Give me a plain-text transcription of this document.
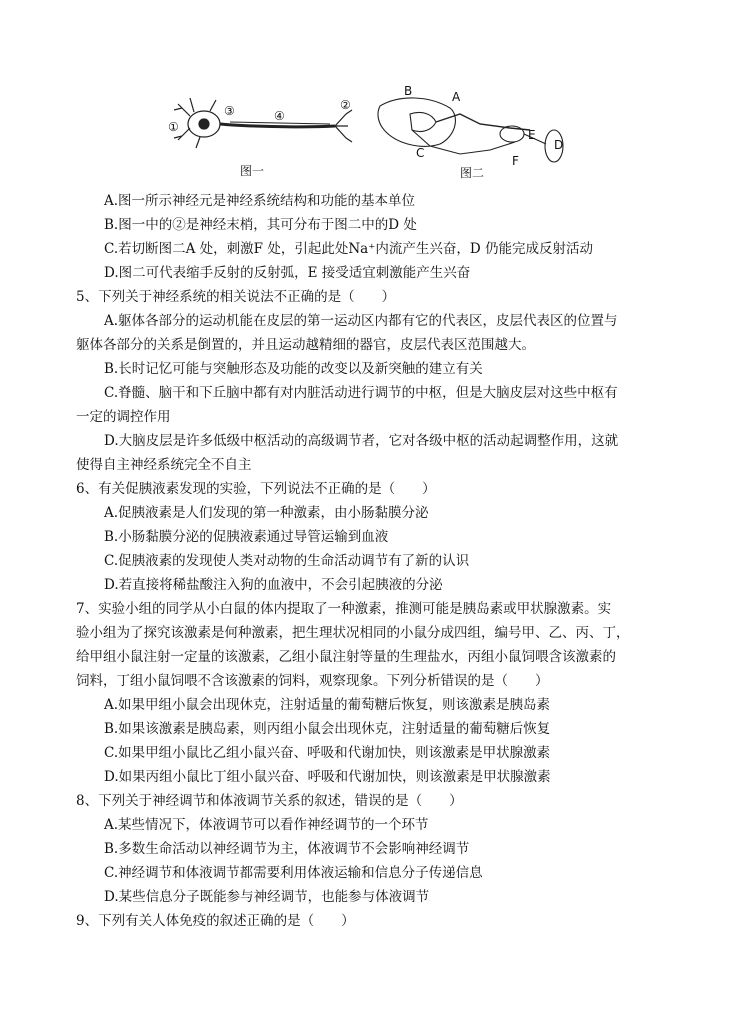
①
③	④
②
图一
B	A
C
E
F
D
图二
A.图一所示神经元是神经系统结构和功能的基本单位
B.图一中的②是神经末梢，其可分布于图二中的D 处
C.若切断图二A 处，刺激F 处，引起此处Na⁺内流产生兴奋，D 仍能完成反射活动
D.图二可代表缩手反射的反射弧，E 接受适宜刺激能产生兴奋
5、下列关于神经系统的相关说法不正确的是（　　）
A.躯体各部分的运动机能在皮层的第一运动区内都有它的代表区，皮层代表区的位置与
躯体各部分的关系是倒置的，并且运动越精细的器官，皮层代表区范围越大。
B.长时记忆可能与突触形态及功能的改变以及新突触的建立有关
C.脊髓、脑干和下丘脑中都有对内脏活动进行调节的中枢，但是大脑皮层对这些中枢有
一定的调控作用
D.大脑皮层是许多低级中枢活动的高级调节者，它对各级中枢的活动起调整作用，这就
使得自主神经系统完全不自主
6、有关促胰液素发现的实验，下列说法不正确的是（　　）
A.促胰液素是人们发现的第一种激素，由小肠黏膜分泌
B.小肠黏膜分泌的促胰液素通过导管运输到血液
C.促胰液素的发现使人类对动物的生命活动调节有了新的认识
D.若直接将稀盐酸注入狗的血液中，不会引起胰液的分泌
7、实验小组的同学从小白鼠的体内提取了一种激素，推测可能是胰岛素或甲状腺激素。实
验小组为了探究该激素是何种激素，把生理状况相同的小鼠分成四组，编号甲、乙、丙、丁，
给甲组小鼠注射一定量的该激素，乙组小鼠注射等量的生理盐水，丙组小鼠饲喂含该激素的
饲料，丁组小鼠饲喂不含该激素的饲料，观察现象。下列分析错误的是（　　）
A.如果甲组小鼠会出现休克，注射适量的葡萄糖后恢复，则该激素是胰岛素
B.如果该激素是胰岛素，则丙组小鼠会出现休克，注射适量的葡萄糖后恢复
C.如果甲组小鼠比乙组小鼠兴奋、呼吸和代谢加快，则该激素是甲状腺激素
D.如果丙组小鼠比丁组小鼠兴奋、呼吸和代谢加快，则该激素是甲状腺激素
8、下列关于神经调节和体液调节关系的叙述，错误的是（　　）
A.某些情况下，体液调节可以看作神经调节的一个环节
B.多数生命活动以神经调节为主，体液调节不会影响神经调节
C.神经调节和体液调节都需要利用体液运输和信息分子传递信息
D.某些信息分子既能参与神经调节，也能参与体液调节
9、下列有关人体免疫的叙述正确的是（　　）
